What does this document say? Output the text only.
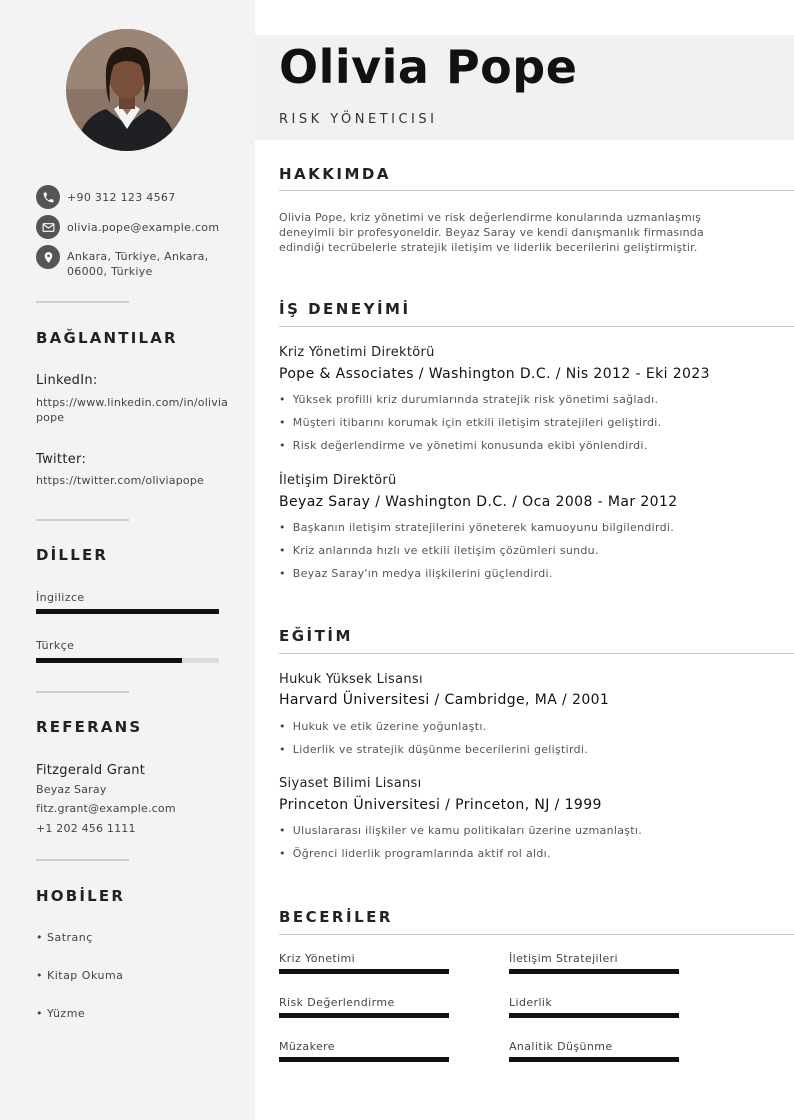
+90 312 123 4567
olivia.pope@example.com
Ankara, Türkiye, Ankara,
06000, Türkiye
BAĞLANTILAR
LinkedIn:
https://www.linkedin.com/in/olivia
pope
Twitter:
https://twitter.com/oliviapope
DİLLER
İngilizce
Türkçe
REFERANS
Fitzgerald Grant
Beyaz Saray
fitz.grant@example.com
+1 202 456 1111
HOBİLER
• Satranç
• Kitap Okuma
• Yüzme
Olivia Pope
RISK YÖNETICISI
HAKKIMDA
Olivia Pope, kriz yönetimi ve risk değerlendirme konularında uzmanlaşmış deneyimli bir profesyoneldir. Beyaz Saray ve kendi danışmanlık firmasında edindiği tecrübelerle stratejik iletişim ve liderlik becerilerini geliştirmiştir.
İŞ DENEYİMİ
Kriz Yönetimi Direktörü
Pope & Associates / Washington D.C. / Nis 2012 - Eki 2023
• Yüksek profilli kriz durumlarında stratejik risk yönetimi sağladı.
• Müşteri itibarını korumak için etkili iletişim stratejileri geliştirdi.
• Risk değerlendirme ve yönetimi konusunda ekibi yönlendirdi.
İletişim Direktörü
Beyaz Saray / Washington D.C. / Oca 2008 - Mar 2012
• Başkanın iletişim stratejilerini yöneterek kamuoyunu bilgilendirdi.
• Kriz anlarında hızlı ve etkili iletişim çözümleri sundu.
• Beyaz Saray'ın medya ilişkilerini güçlendirdi.
EĞİTİM
Hukuk Yüksek Lisansı
Harvard Üniversitesi / Cambridge, MA / 2001
• Hukuk ve etik üzerine yoğunlaştı.
• Liderlik ve stratejik düşünme becerilerini geliştirdi.
Siyaset Bilimi Lisansı
Princeton Üniversitesi / Princeton, NJ / 1999
• Uluslararası ilişkiler ve kamu politikaları üzerine uzmanlaştı.
• Öğrenci liderlik programlarında aktif rol aldı.
BECERİLER
Kriz Yönetimi	İletişim Stratejileri
Risk Değerlendirme	Liderlik
Müzakere	Analitik Düşünme
